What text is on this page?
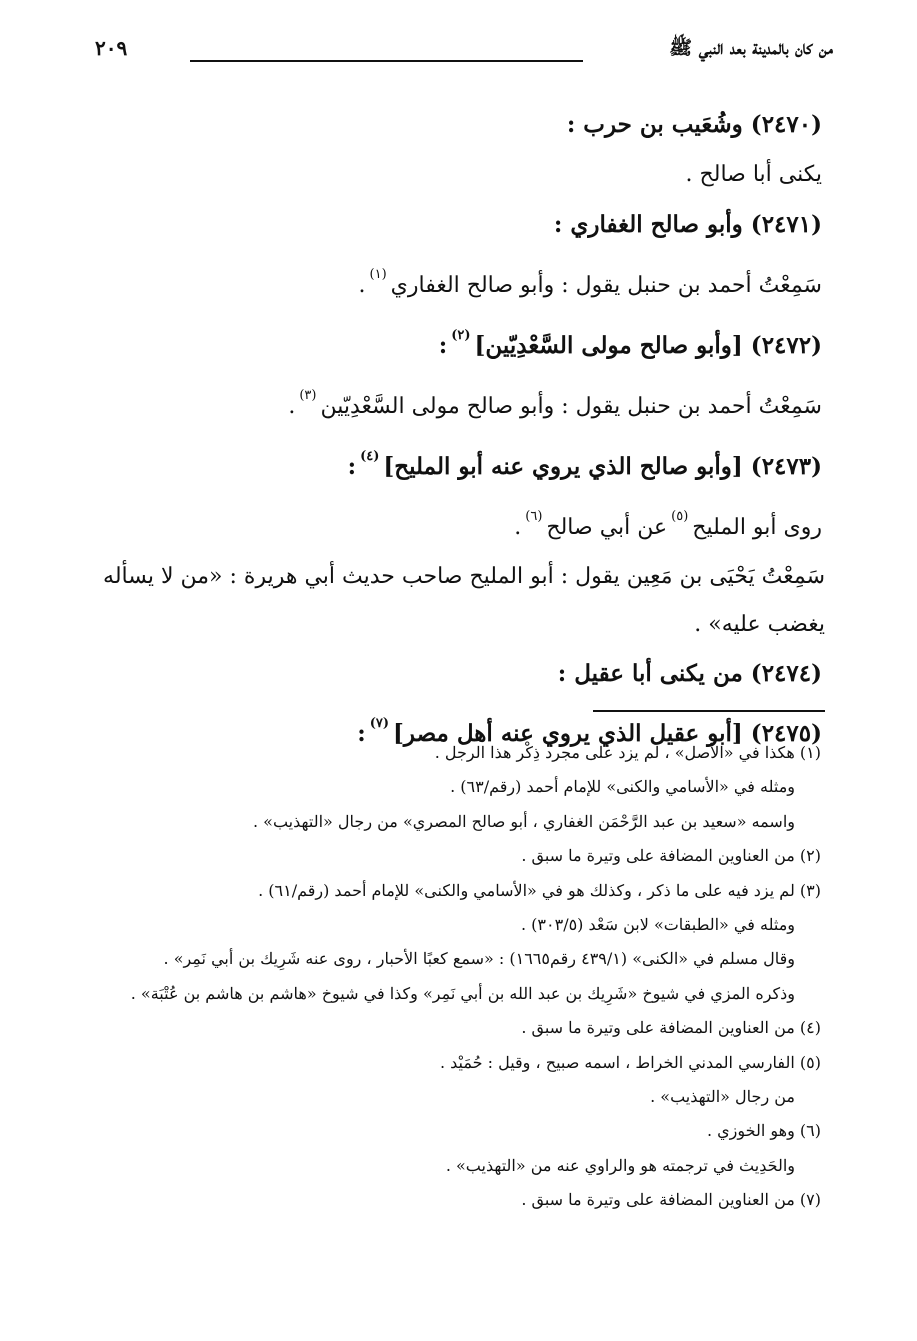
من كان بالمدينة بعد النبي ﷺ
٢٠٩
(٢٤٧٠) وشُعَيب بن حرب :
يكنى أبا صالح .
(٢٤٧١) وأبو صالح الغفاري :
سَمِعْتُ أحمد بن حنبل يقول : وأبو صالح الغفاري$^{(١)}$.
(٢٤٧٢) [وأبو صالح مولى السَّعْدِيّين]$^{(٢)}$:
سَمِعْتُ أحمد بن حنبل يقول : وأبو صالح مولى السَّعْدِيّين$^{(٣)}$.
(٢٤٧٣) [وأبو صالح الذي يروي عنه أبو المليح]$^{(٤)}$:
روى أبو المليح$^{(٥)}$عن أبي صالح$^{(٦)}$.
سَمِعْتُ يَحْيَى بن مَعِين يقول : أبو المليح صاحب حديث أبي هريرة : «من لا يسأله يغضب عليه» .
(٢٤٧٤) من يكنى أبا عقيل :
(٢٤٧٥) [أبو عقيل الذي يروي عنه أهل مصر]$^{(٧)}$:
(١) هكذا في «الأصل» ، لم يزد على مجرد ذِكْر هذا الرجل .
ومثله في «الأسامي والكنى» للإمام أحمد (رقم/٦٣) .
واسمه «سعيد بن عبد الرَّحْمَن الغفاري ، أبو صالح المصري» من رجال «التهذيب» .
(٢) من العناوين المضافة على وتيرة ما سبق .
(٣) لم يزد فيه على ما ذكر ، وكذلك هو في «الأسامي والكنى» للإمام أحمد (رقم/٦١) .
ومثله في «الطبقات» لابن سَعْد (٣٠٣/٥) .
وقال مسلم في «الكنى» (٤٣٩/١ رقم١٦٦٥) : «سمع كعبًا الأحبار ، روى عنه شَرِيك بن أبي نَمِر» .
وذكره المزي في شيوخ «شَرِيك بن عبد الله بن أبي نَمِر» وكذا في شيوخ «هاشم بن هاشم بن عُتْبَة» .
(٤) من العناوين المضافة على وتيرة ما سبق .
(٥) الفارسي المدني الخراط ، اسمه صبيح ، وقيل : حُمَيْد .
من رجال «التهذيب» .
(٦) وهو الخوزي .
والحَدِيث في ترجمته هو والراوي عنه من «التهذيب» .
(٧) من العناوين المضافة على وتيرة ما سبق .
